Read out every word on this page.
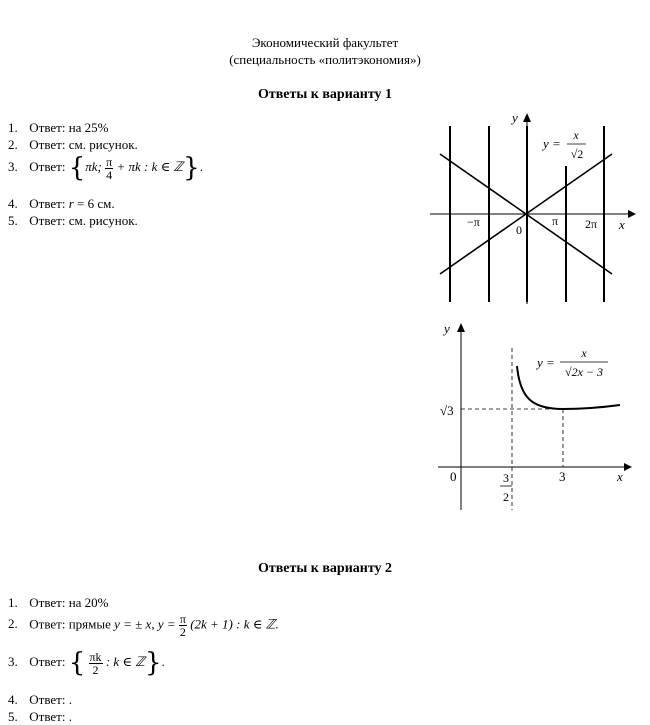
Экономический факультет
(специальность «политэкономия»)
Ответы к варианту 1
1. Ответ: на 25%
2. Ответ: см. рисунок.
3. Ответ: {πk; $\frac{\pi}{4} + \pi k$ : k ∈ ℤ}.
4. Ответ: r = 6 см.
5. Ответ: см. рисунок.
y
x
y =
x
√2
−π	π 2π
0
y
x
y =
x
√2x − 3
√3
0	3
3
2
Ответы к варианту 2
1. Ответ: на 20%
2. Ответ: прямые y = ± x, $y = \frac{\pi}{2} (2k + 1)$ : k ∈ ℤ.
3. Ответ: { $\frac{\pi k}{2}$ : k ∈ ℤ}.
4. Ответ: .
5. Ответ: .
